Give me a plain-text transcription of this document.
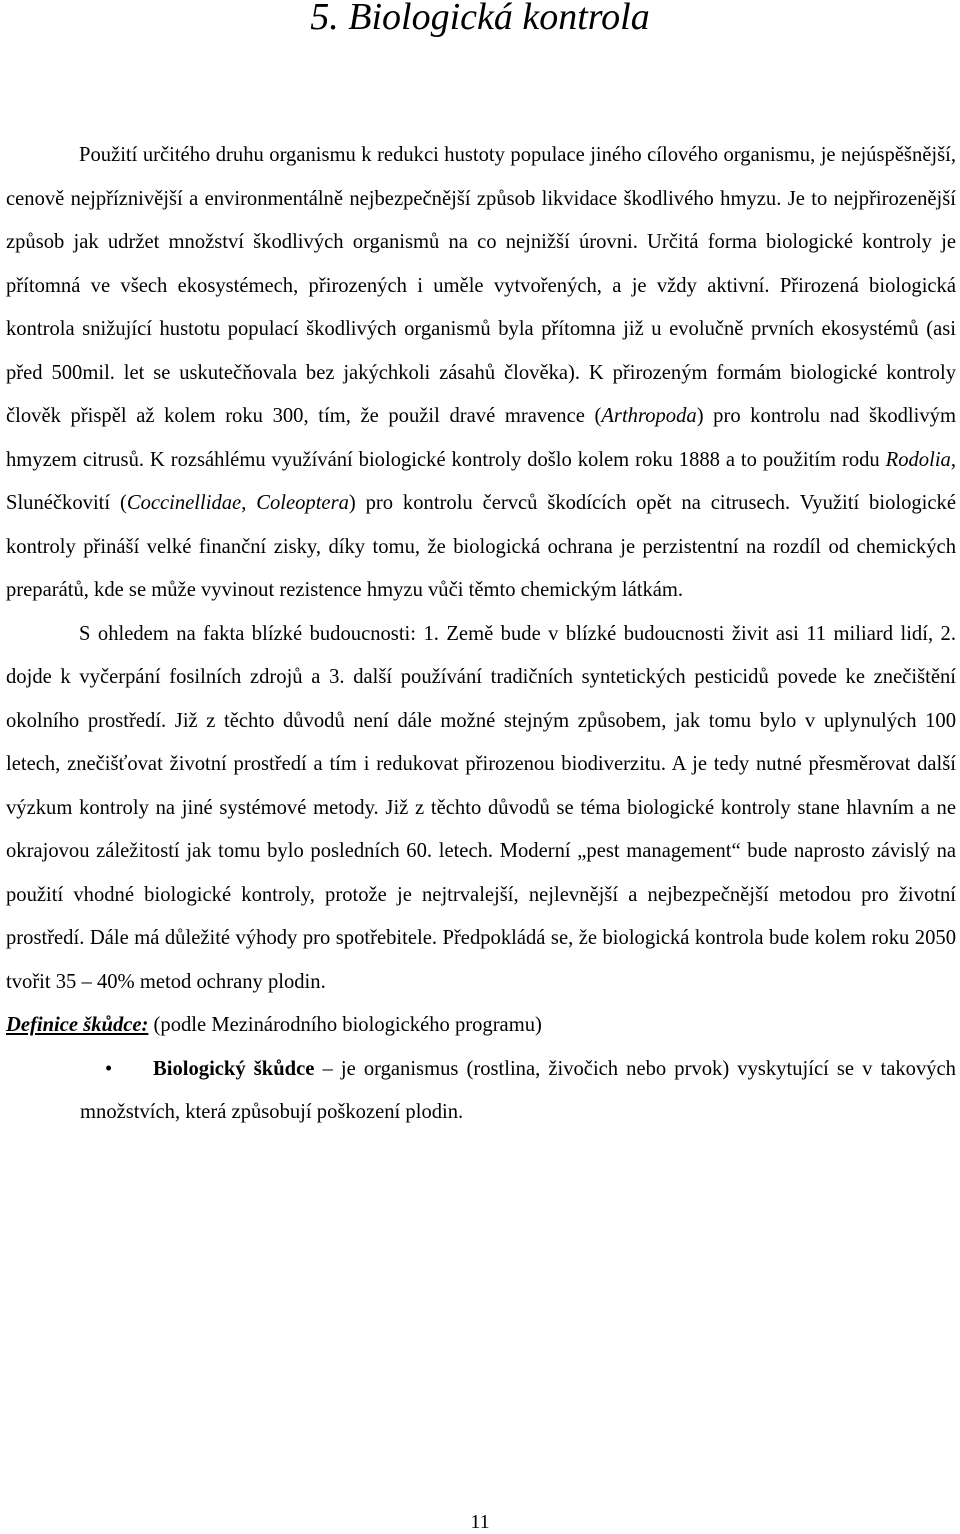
5. Biologická kontrola

Použití určitého druhu organismu k redukci hustoty populace jiného cílového organismu, je nejúspěšnější, cenově nejpříznivější a environmentálně nejbezpečnější způsob likvidace škodlivého hmyzu. Je to nejpřirozenější způsob jak udržet množství škodlivých organismů na co nejnižší úrovni. Určitá forma biologické kontroly je přítomná ve všech ekosystémech, přirozených i uměle vytvořených, a je vždy aktivní. Přirozená biologická kontrola snižující hustotu populací škodlivých organismů byla přítomna již u evolučně prvních ekosystémů (asi před 500mil. let se uskutečňovala bez jakýchkoli zásahů člověka). K přirozeným formám biologické kontroly člověk přispěl až kolem roku 300, tím, že použil dravé mravence (Arthropoda) pro kontrolu nad škodlivým hmyzem citrusů. K rozsáhlému využívání biologické kontroly došlo kolem roku 1888 a to použitím rodu Rodolia, Slunéčkovití (Coccinellidae, Coleoptera) pro kontrolu červců škodících opět na citrusech. Využití biologické kontroly přináší velké finanční zisky, díky tomu, že biologická ochrana je perzistentní na rozdíl od chemických preparátů, kde se může vyvinout rezistence hmyzu vůči těmto chemickým látkám.

S ohledem na fakta blízké budoucnosti: 1. Země bude v blízké budoucnosti živit asi 11 miliard lidí, 2. dojde k vyčerpání fosilních zdrojů a 3. další používání tradičních syntetických pesticidů povede ke znečištění okolního prostředí. Již z těchto důvodů není dále možné stejným způsobem, jak tomu bylo v uplynulých 100 letech, znečišťovat životní prostředí a tím i redukovat přirozenou biodiverzitu. A je tedy nutné přesměrovat další výzkum kontroly na jiné systémové metody. Již z těchto důvodů se téma biologické kontroly stane hlavním a ne okrajovou záležitostí jak tomu bylo posledních 60. letech. Moderní „pest management“ bude naprosto závislý na použití vhodné biologické kontroly, protože je nejtrvalejší, nejlevnější a nejbezpečnější metodou pro životní prostředí. Dále má důležité výhody pro spotřebitele. Předpokládá se, že biologická kontrola bude kolem roku 2050 tvořit 35 – 40% metod ochrany plodin.

Definice škůdce: (podle Mezinárodního biologického programu)

• Biologický škůdce – je organismus (rostlina, živočich nebo prvok) vyskytující se v takových množstvích, která způsobují poškození plodin.

11
